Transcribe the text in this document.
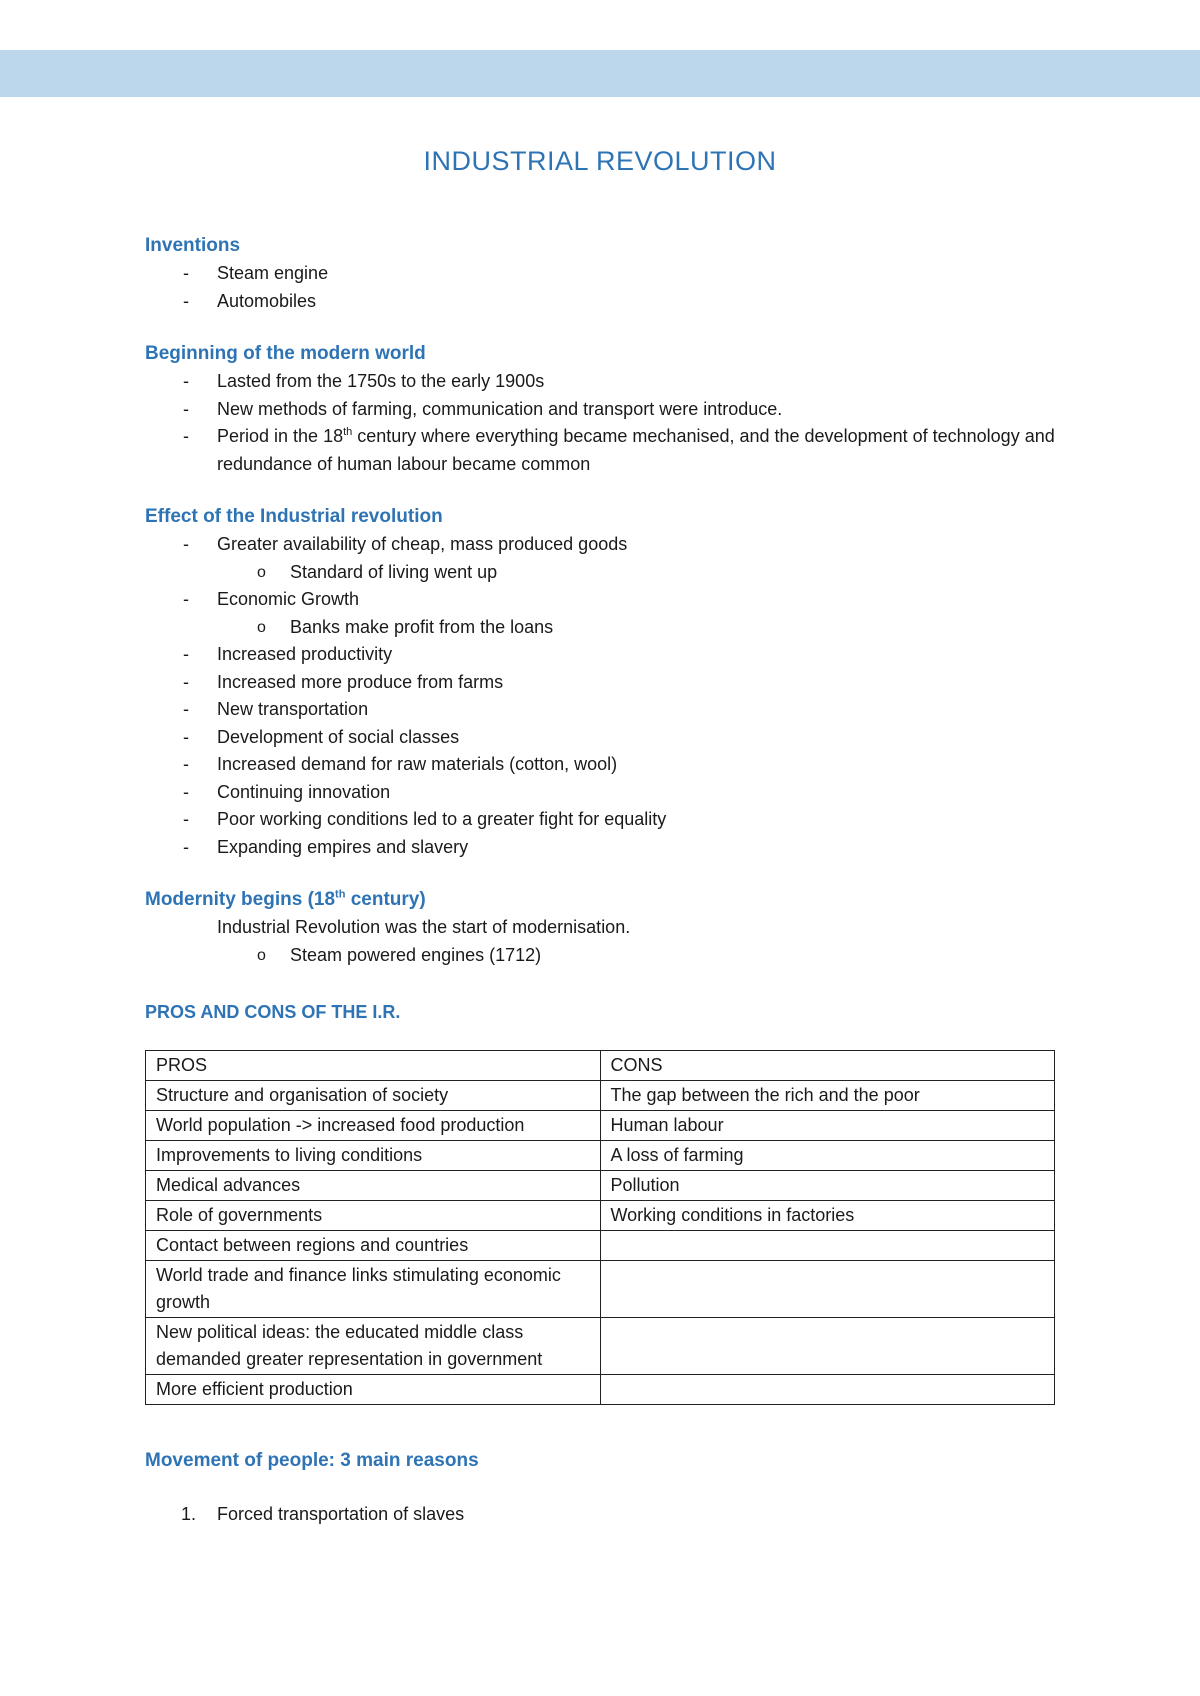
INDUSTRIAL REVOLUTION
Inventions
- Steam engine
- Automobiles
Beginning of the modern world
- Lasted from the 1750s to the early 1900s
- New methods of farming, communication and transport were introduce.
- Period in the 18th century where everything became mechanised, and the development of technology and redundance of human labour became common
Effect of the Industrial revolution
- Greater availability of cheap, mass produced goods
o Standard of living went up
- Economic Growth
o Banks make profit from the loans
- Increased productivity
- Increased more produce from farms
- New transportation
- Development of social classes
- Increased demand for raw materials (cotton, wool)
- Continuing innovation
- Poor working conditions led to a greater fight for equality
- Expanding empires and slavery
Modernity begins (18th century)

Industrial Revolution was the start of modernisation.

o Steam powered engines (1712)
PROS AND CONS OF THE I.R.
PROS	CONS
Structure and organisation of society	The gap between the rich and the poor
World population -> increased food production	Human labour
Improvements to living conditions	A loss of farming
Medical advances	Pollution
Role of governments	Working conditions in factories
Contact between regions and countries	
World trade and finance links stimulating economic growth	
New political ideas: the educated middle class demanded greater representation in government	
More efficient production	
Movement of people: 3 main reasons
1. Forced transportation of slaves
